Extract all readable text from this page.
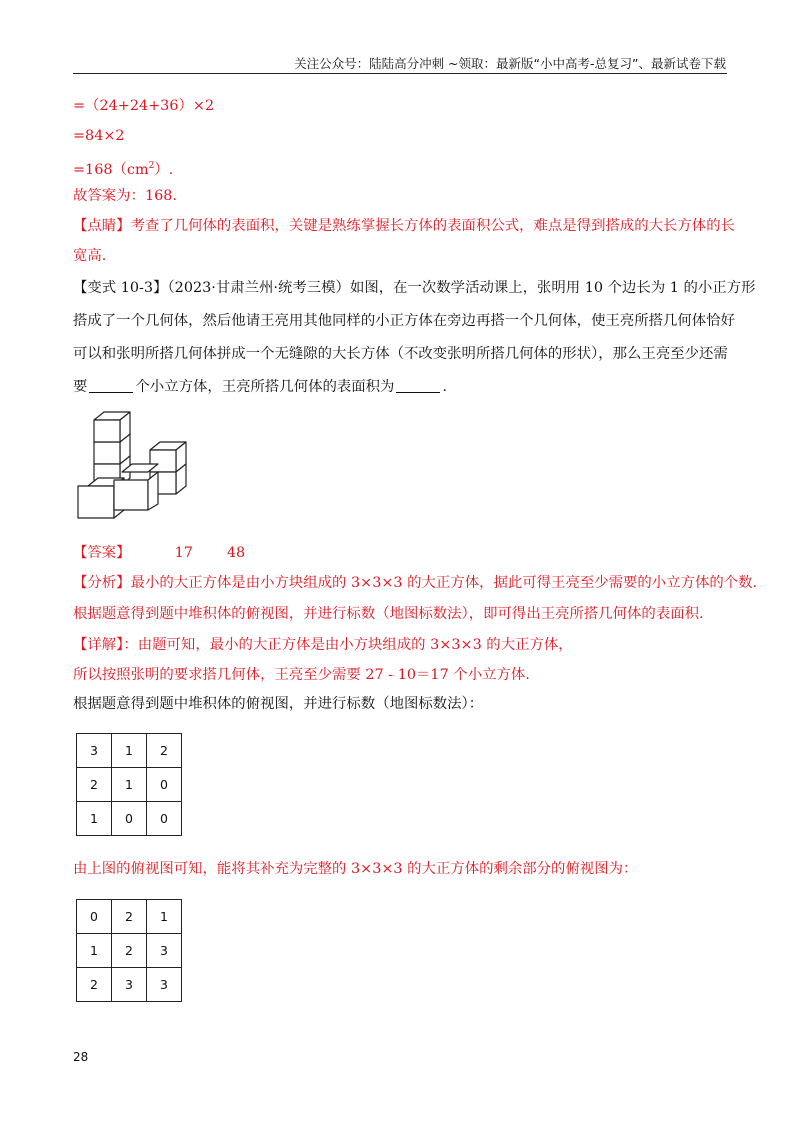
关注公众号：陆陆高分冲刺 ~领取：最新版“小中高考-总复习”、最新试卷下载
=（24+24+36）×2
=84×2
$=168(cm^2)$.
故答案为：168.
【点睛】考查了几何体的表面积，关键是熟练掌握长方体的表面积公式，难点是得到搭成的大长方体的长
宽高.
【变式 10-3】（2023·甘肃兰州·统考三模）如图，在一次数学活动课上，张明用 10 个边长为 1 的小正方形
搭成了一个几何体，然后他请王亮用其他同样的小正方体在旁边再搭一个几何体，使王亮所搭几何体恰好
可以和张明所搭几何体拼成一个无缝隙的大长方体（不改变张明所搭几何体的形状），那么王亮至少还需
要	个小立方体，王亮所搭几何体的表面积为	.
【答案】	17 48
【分析】最小的大正方体是由小方块组成的 3×3×3 的大正方体，据此可得王亮至少需要的小立方体的个数.
根据题意得到题中堆积体的俯视图，并进行标数（地图标数法），即可得出王亮所搭几何体的表面积.
【详解】：由题可知，最小的大正方体是由小方块组成的 3×3×3 的大正方体，
所以按照张明的要求搭几何体，王亮至少需要 27 - 10＝17 个小立方体.
根据题意得到题中堆积体的俯视图，并进行标数（地图标数法）：
3	1	2
2	1	0
1	0	0
由上图的俯视图可知，能将其补充为完整的 3×3×3 的大正方体的剩余部分的俯视图为：
0	2	1
1	2	3
2	3	3
28
